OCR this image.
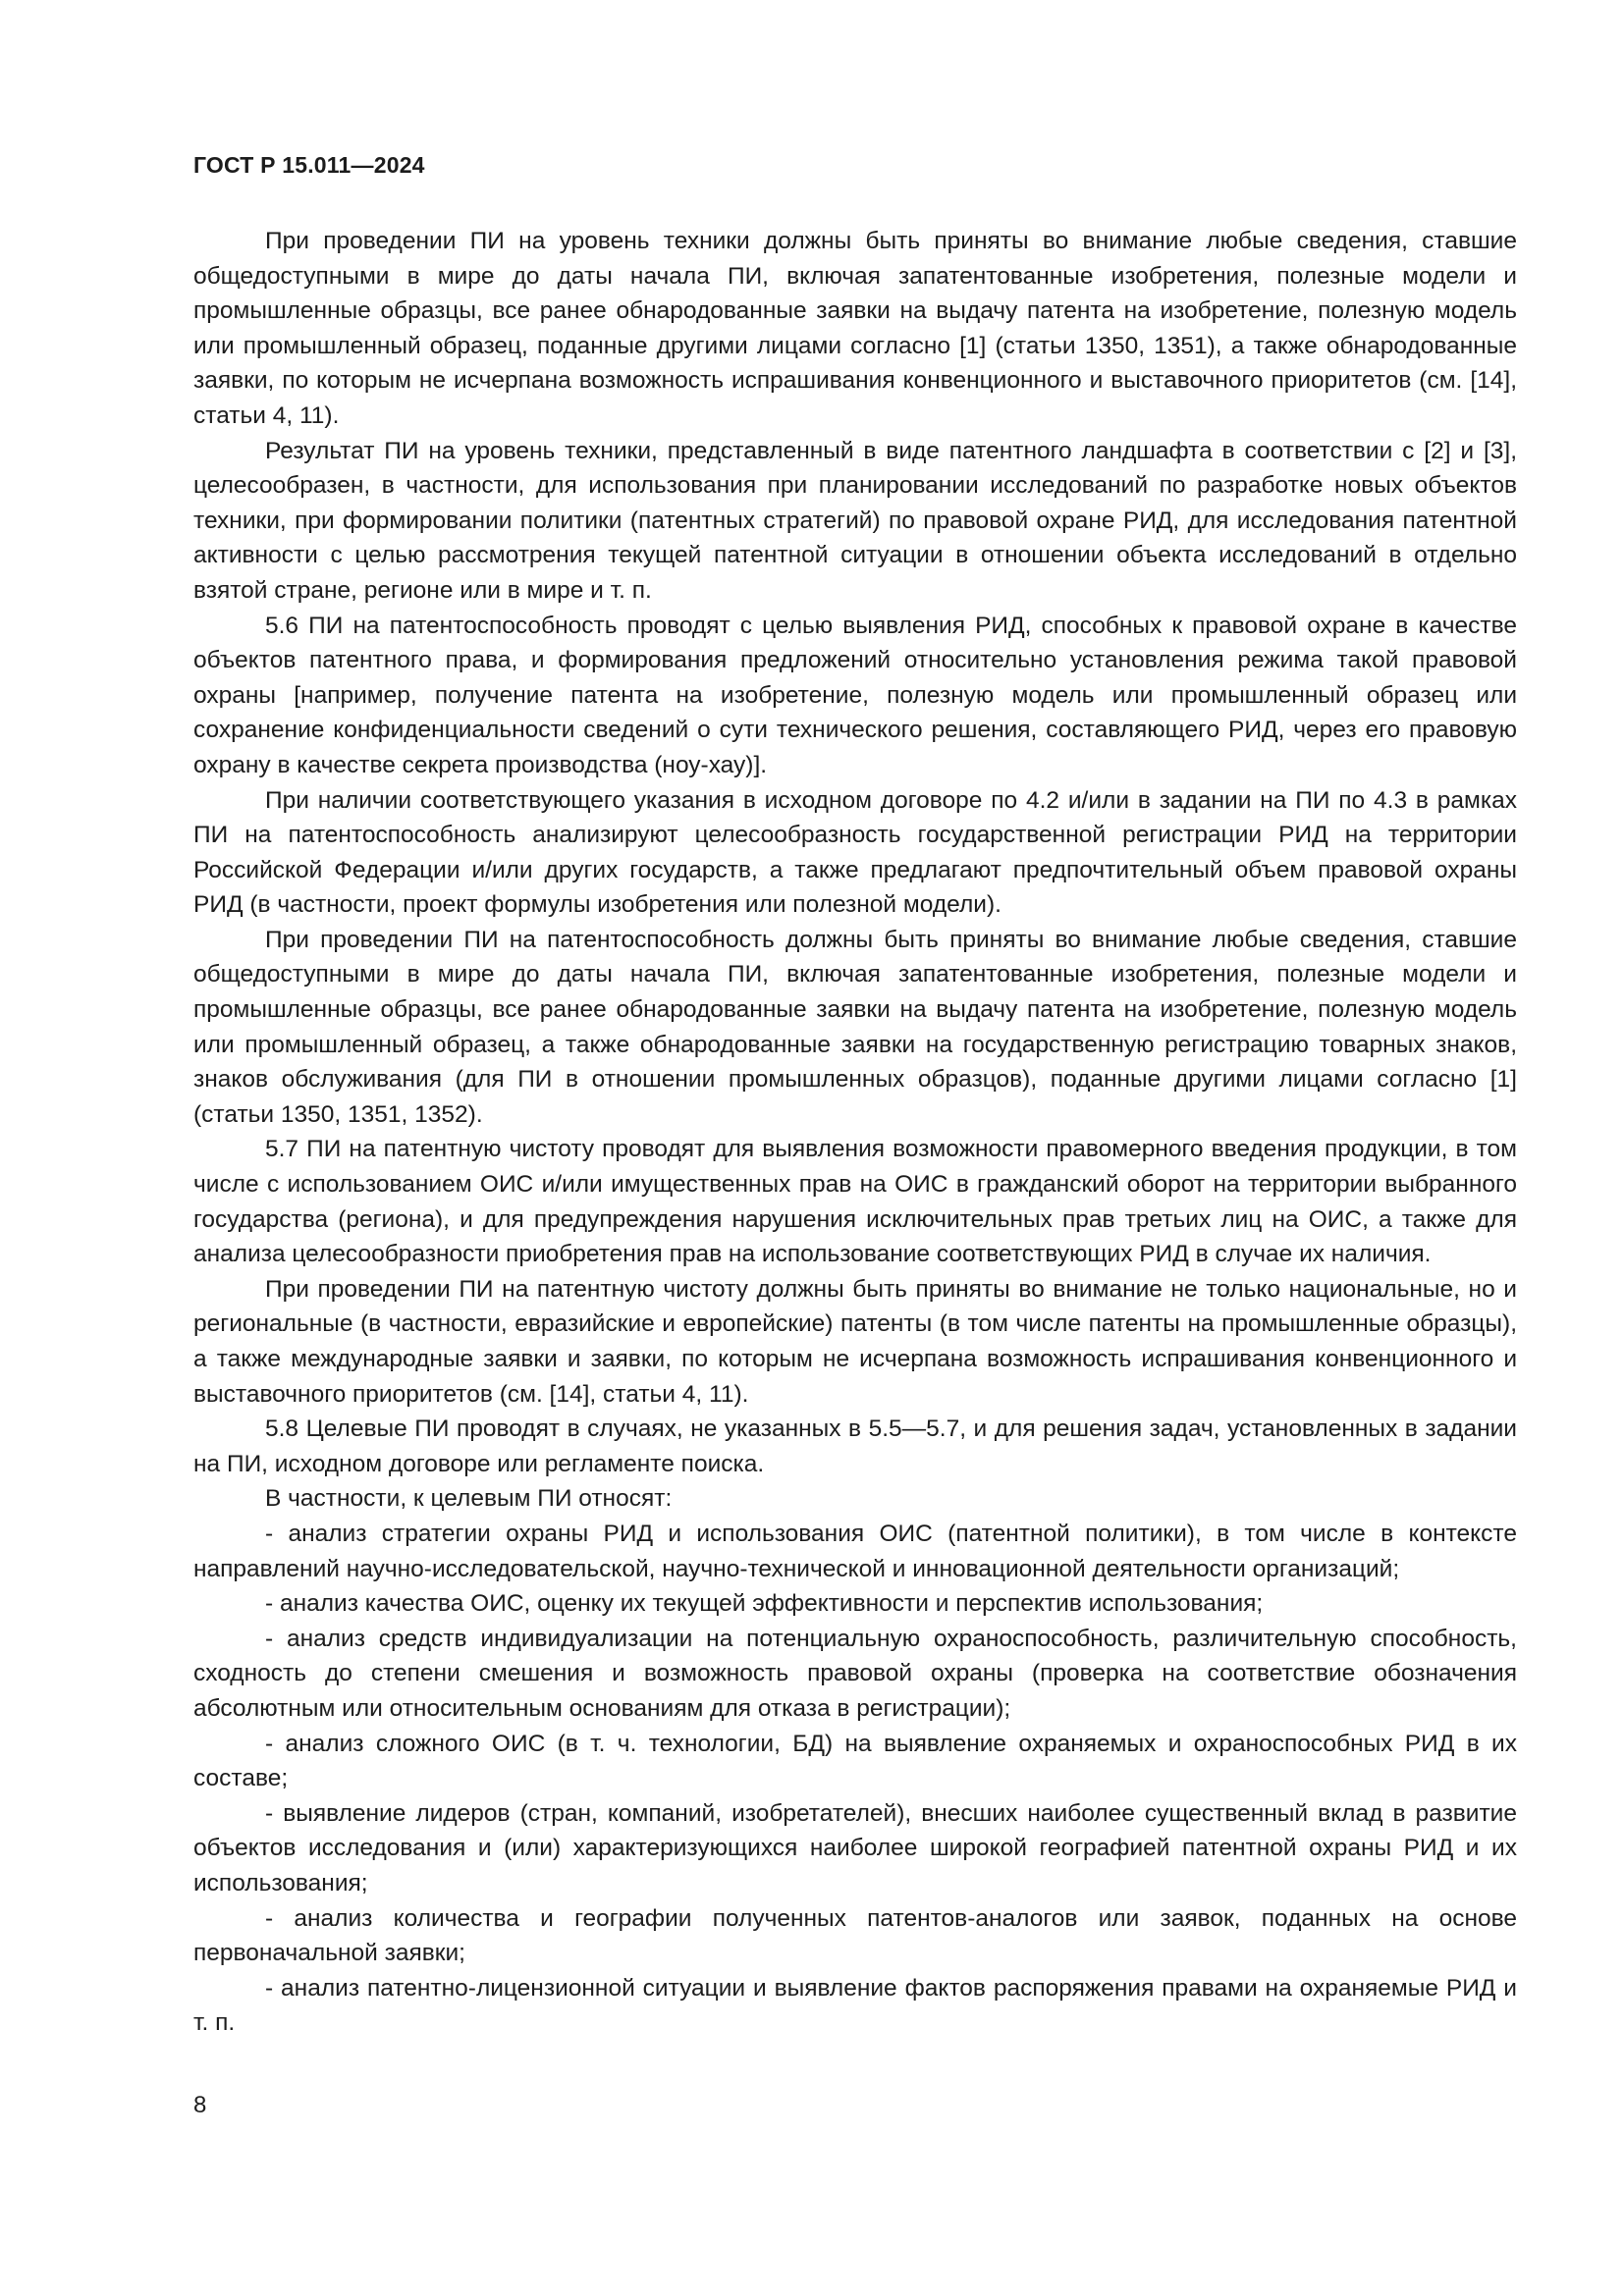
ГОСТ Р 15.011—2024

При проведении ПИ на уровень техники должны быть приняты во внимание любые сведения, ставшие общедоступными в мире до даты начала ПИ, включая запатентованные изобретения, полезные модели и промышленные образцы, все ранее обнародованные заявки на выдачу патента на изобретение, полезную модель или промышленный образец, поданные другими лицами согласно [1] (статьи 1350, 1351), а также обнародованные заявки, по которым не исчерпана возможность испрашивания конвенционного и выставочного приоритетов (см. [14], статьи 4, 11).

Результат ПИ на уровень техники, представленный в виде патентного ландшафта в соответствии с [2] и [3], целесообразен, в частности, для использования при планировании исследований по разработке новых объектов техники, при формировании политики (патентных стратегий) по правовой охране РИД, для исследования патентной активности с целью рассмотрения текущей патентной ситуации в отношении объекта исследований в отдельно взятой стране, регионе или в мире и т. п.

5.6 ПИ на патентоспособность проводят с целью выявления РИД, способных к правовой охране в качестве объектов патентного права, и формирования предложений относительно установления режима такой правовой охраны [например, получение патента на изобретение, полезную модель или промышленный образец или сохранение конфиденциальности сведений о сути технического решения, составляющего РИД, через его правовую охрану в качестве секрета производства (ноу-хау)].

При наличии соответствующего указания в исходном договоре по 4.2 и/или в задании на ПИ по 4.3 в рамках ПИ на патентоспособность анализируют целесообразность государственной регистрации РИД на территории Российской Федерации и/или других государств, а также предлагают предпочтительный объем правовой охраны РИД (в частности, проект формулы изобретения или полезной модели).

При проведении ПИ на патентоспособность должны быть приняты во внимание любые сведения, ставшие общедоступными в мире до даты начала ПИ, включая запатентованные изобретения, полезные модели и промышленные образцы, все ранее обнародованные заявки на выдачу патента на изобретение, полезную модель или промышленный образец, а также обнародованные заявки на государственную регистрацию товарных знаков, знаков обслуживания (для ПИ в отношении промышленных образцов), поданные другими лицами согласно [1] (статьи 1350, 1351, 1352).

5.7 ПИ на патентную чистоту проводят для выявления возможности правомерного введения продукции, в том числе с использованием ОИС и/или имущественных прав на ОИС в гражданский оборот на территории выбранного государства (региона), и для предупреждения нарушения исключительных прав третьих лиц на ОИС, а также для анализа целесообразности приобретения прав на использование соответствующих РИД в случае их наличия.

При проведении ПИ на патентную чистоту должны быть приняты во внимание не только национальные, но и региональные (в частности, евразийские и европейские) патенты (в том числе патенты на промышленные образцы), а также международные заявки и заявки, по которым не исчерпана возможность испрашивания конвенционного и выставочного приоритетов (см. [14], статьи 4, 11).

5.8 Целевые ПИ проводят в случаях, не указанных в 5.5—5.7, и для решения задач, установленных в задании на ПИ, исходном договоре или регламенте поиска.

В частности, к целевым ПИ относят:

- анализ стратегии охраны РИД и использования ОИС (патентной политики), в том числе в контексте направлений научно-исследовательской, научно-технической и инновационной деятельности организаций;

- анализ качества ОИС, оценку их текущей эффективности и перспектив использования;

- анализ средств индивидуализации на потенциальную охраноспособность, различительную способность, сходность до степени смешения и возможность правовой охраны (проверка на соответствие обозначения абсолютным или относительным основаниям для отказа в регистрации);

- анализ сложного ОИС (в т. ч. технологии, БД) на выявление охраняемых и охраноспособных РИД в их составе;

- выявление лидеров (стран, компаний, изобретателей), внесших наиболее существенный вклад в развитие объектов исследования и (или) характеризующихся наиболее широкой географией патентной охраны РИД и их использования;

- анализ количества и географии полученных патентов-аналогов или заявок, поданных на основе первоначальной заявки;

- анализ патентно-лицензионной ситуации и выявление фактов распоряжения правами на охраняемые РИД и т. п.

8
